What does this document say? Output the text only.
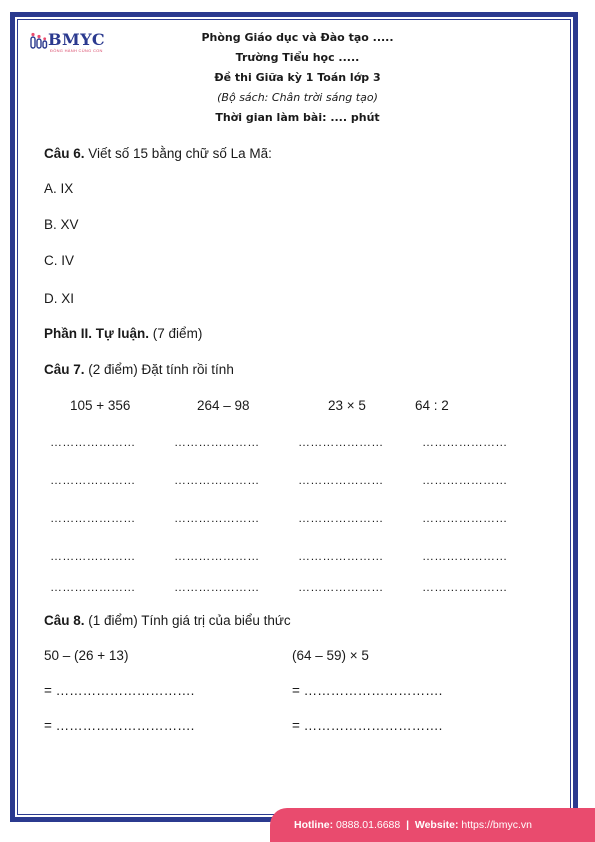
BMYC
ĐỒNG HÀNH CÙNG CON
Phòng Giáo dục và Đào tạo .....
Trường Tiểu học .....
Đề thi Giữa kỳ 1 Toán lớp 3
(Bộ sách: Chân trời sáng tạo)
Thời gian làm bài: .... phút
Câu 6. Viết số 15 bằng chữ số La Mã:
A. IX
B. XV
C. IV
D. XI
Phần II. Tự luận. (7 điểm)
Câu 7. (2 điểm) Đặt tính rồi tính
105 + 356	264 – 98	23 × 5	64 : 2
…………………	…………………	…………………	…………………
…………………	…………………	…………………	…………………
…………………	…………………	…………………	…………………
…………………	…………………	…………………	…………………
…………………	…………………	…………………	…………………
Câu 8. (1 điểm) Tính giá trị của biểu thức
50 – (26 + 13)	(64 – 59) × 5
= ………………………….	= ………………………….
= ………………………….	= ………………………….
Hotline: 0888.01.6688 | Website: https://bmyc.vn
